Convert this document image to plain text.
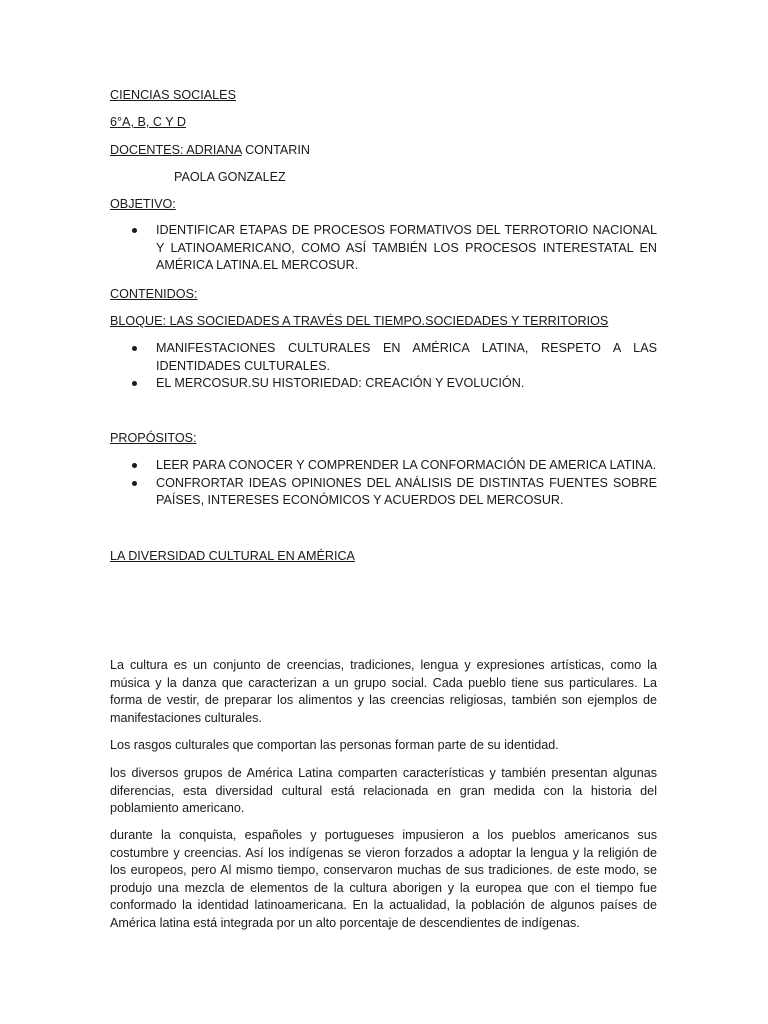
CIENCIAS SOCIALES
6°A, B, C Y D
DOCENTES: ADRIANA CONTARIN
PAOLA GONZALEZ
OBJETIVO:
IDENTIFICAR ETAPAS DE PROCESOS FORMATIVOS DEL TERROTORIO NACIONAL Y LATINOAMERICANO, COMO ASÍ TAMBIÉN LOS PROCESOS INTERESTATAL EN AMÉRICA LATINA.EL MERCOSUR.
CONTENIDOS:
BLOQUE: LAS SOCIEDADES A TRAVÉS DEL TIEMPO.SOCIEDADES Y TERRITORIOS
MANIFESTACIONES CULTURALES EN AMÉRICA LATINA, RESPETO A LAS IDENTIDADES CULTURALES.
EL MERCOSUR.SU HISTORIEDAD: CREACIÓN Y EVOLUCIÓN.
PROPÓSITOS:
LEER PARA CONOCER Y COMPRENDER LA CONFORMACIÓN DE AMERICA LATINA.
CONFRORTAR IDEAS OPINIONES DEL ANÁLISIS DE DISTINTAS FUENTES SOBRE PAÍSES, INTERESES ECONÓMICOS Y ACUERDOS DEL MERCOSUR.
LA DIVERSIDAD CULTURAL EN AMÉRICA
La cultura es un conjunto de creencias, tradiciones, lengua y expresiones artísticas, como la música y la danza que caracterizan a un grupo social. Cada pueblo tiene sus particulares. La forma de vestir, de preparar los alimentos y las creencias religiosas, también son ejemplos de manifestaciones culturales.
Los rasgos culturales que comportan las personas forman parte de su identidad.
los diversos grupos de América Latina comparten características y también presentan algunas diferencias, esta diversidad cultural está relacionada en gran medida con la historia del poblamiento americano.
durante la conquista, españoles y portugueses impusieron a los pueblos americanos sus costumbre y creencias. Así los indígenas se vieron forzados a adoptar la lengua y la religión de los europeos, pero Al mismo tiempo, conservaron muchas de sus tradiciones. de este modo, se produjo una mezcla de elementos de la cultura aborigen y la europea que con el tiempo fue conformado la identidad latinoamericana. En la actualidad, la población de algunos países de América latina está integrada por un alto porcentaje de descendientes de indígenas.
